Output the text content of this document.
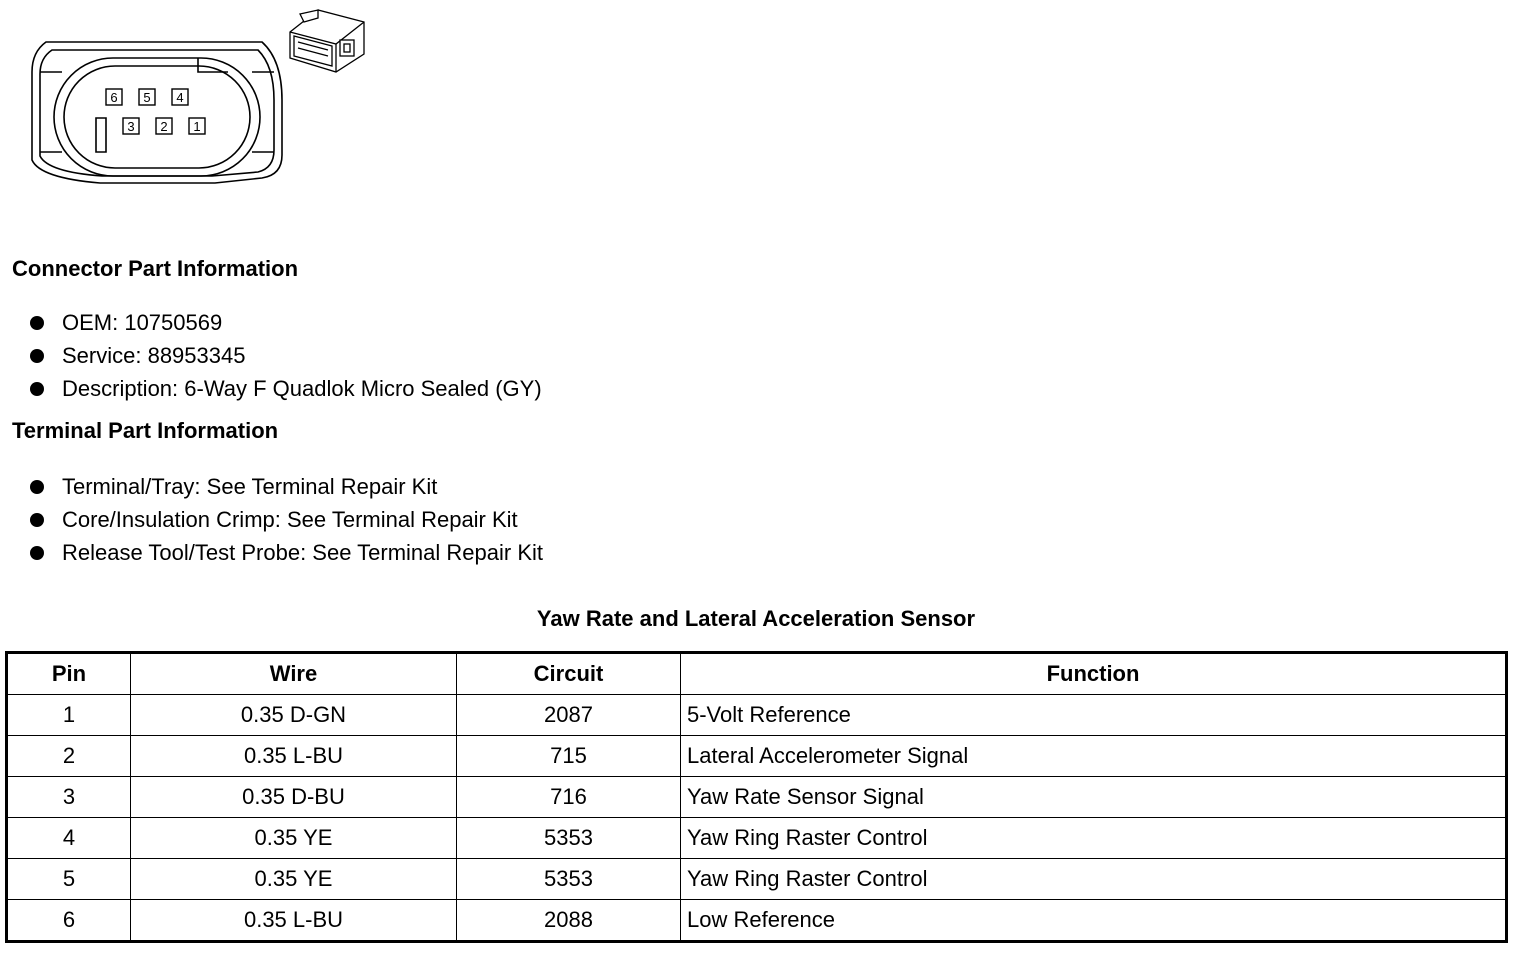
6 5 4
3 2 1
Connector Part Information
OEM: 10750569
Service: 88953345
Description: 6-Way F Quadlok Micro Sealed (GY)
Terminal Part Information
Terminal/Tray: See Terminal Repair Kit
Core/Insulation Crimp: See Terminal Repair Kit
Release Tool/Test Probe: See Terminal Repair Kit
Yaw Rate and Lateral Acceleration Sensor
Pin	Wire	Circuit	Function
1	0.35 D-GN	2087	5-Volt Reference
2	0.35 L-BU	715	Lateral Accelerometer Signal
3	0.35 D-BU	716	Yaw Rate Sensor Signal
4	0.35 YE	5353	Yaw Ring Raster Control
5	0.35 YE	5353	Yaw Ring Raster Control
6	0.35 L-BU	2088	Low Reference
